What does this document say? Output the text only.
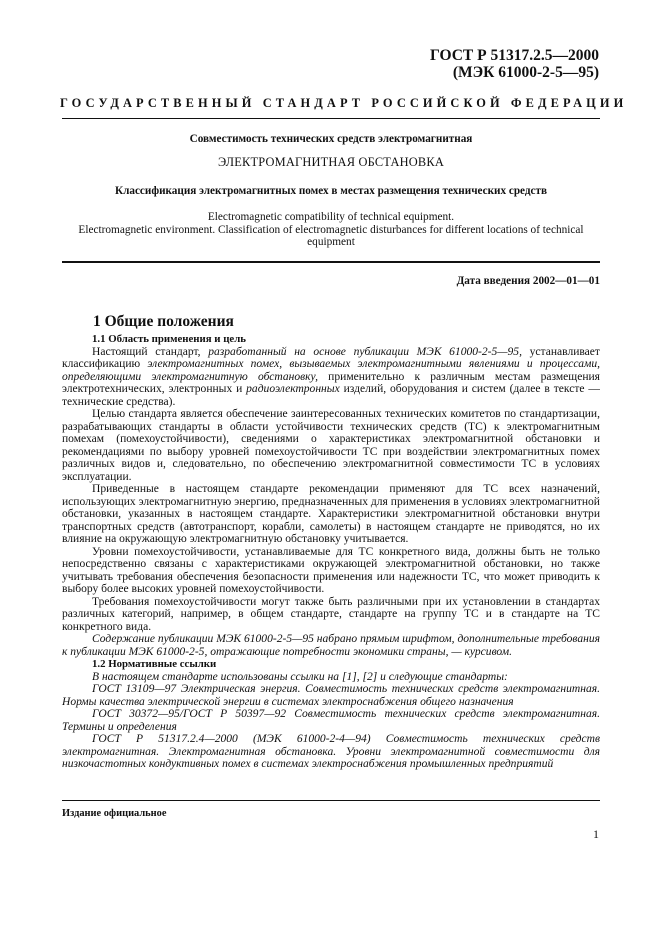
ГОСТ Р 51317.2.5—2000
(МЭК 61000-2-5—95)
ГОСУДАРСТВЕННЫЙ СТАНДАРТ РОССИЙСКОЙ ФЕДЕРАЦИИ
Совместимость технических средств электромагнитная
ЭЛЕКТРОМАГНИТНАЯ ОБСТАНОВКА
Классификация электромагнитных помех в местах размещения технических средств
Electromagnetic compatibility of technical equipment.
Electromagnetic environment. Classification of electromagnetic disturbances for different locations of technical equipment
Дата введения 2002—01—01
1 Общие положения

1.1 Область применения и цель

Настоящий стандарт, разработанный на основе публикации МЭК 61000-2-5—95, устанавливает классификацию электромагнитных помех, вызываемых электромагнитными явлениями и процессами, определяющими электромагнитную обстановку, применительно к различным местам размещения электротехнических, электронных и радиоэлектронных изделий, оборудования и систем (далее в тексте — технические средства).

Целью стандарта является обеспечение заинтересованных технических комитетов по стандартизации, разрабатывающих стандарты в области устойчивости технических средств (ТС) к электромагнитным помехам (помехоустойчивости), сведениями о характеристиках электромагнитной обстановки и рекомендациями по выбору уровней помехоустойчивости ТС при воздействии электромагнитных помех различных видов и, следовательно, по обеспечению электромагнитной совместимости ТС в условиях эксплуатации.

Приведенные в настоящем стандарте рекомендации применяют для ТС всех назначений, использующих электромагнитную энергию, предназначенных для применения в условиях электромагнитной обстановки, указанных в настоящем стандарте. Характеристики электромагнитной обстановки внутри транспортных средств (автотранспорт, корабли, самолеты) в настоящем стандарте не приводятся, но их влияние на окружающую электромагнитную обстановку учитывается.

Уровни помехоустойчивости, устанавливаемые для ТС конкретного вида, должны быть не только непосредственно связаны с характеристиками окружающей электромагнитной обстановки, но также учитывать требования обеспечения безопасности применения или надежности ТС, что может приводить к выбору более высоких уровней помехоустойчивости.

Требования помехоустойчивости могут также быть различными при их установлении в стандартах различных категорий, например, в общем стандарте, стандарте на группу ТС и в стандарте на ТС конкретного вида.

Содержание публикации МЭК 61000-2-5—95 набрано прямым шрифтом, дополнительные требования к публикации МЭК 61000-2-5, отражающие потребности экономики страны, — курсивом.

1.2 Нормативные ссылки

В настоящем стандарте использованы ссылки на [1], [2] и следующие стандарты:

ГОСТ 13109—97 Электрическая энергия. Совместимость технических средств электромагнитная. Нормы качества электрической энергии в системах электроснабжения общего назначения

ГОСТ 30372—95/ГОСТ Р 50397—92 Совместимость технических средств электромагнитная. Термины и определения

ГОСТ Р 51317.2.4—2000 (МЭК 61000-2-4—94) Совместимость технических средств электромагнитная. Электромагнитная обстановка. Уровни электромагнитной совместимости для низкочастотных кондуктивных помех в системах электроснабжения промышленных предприятий

Издание официальное
1
